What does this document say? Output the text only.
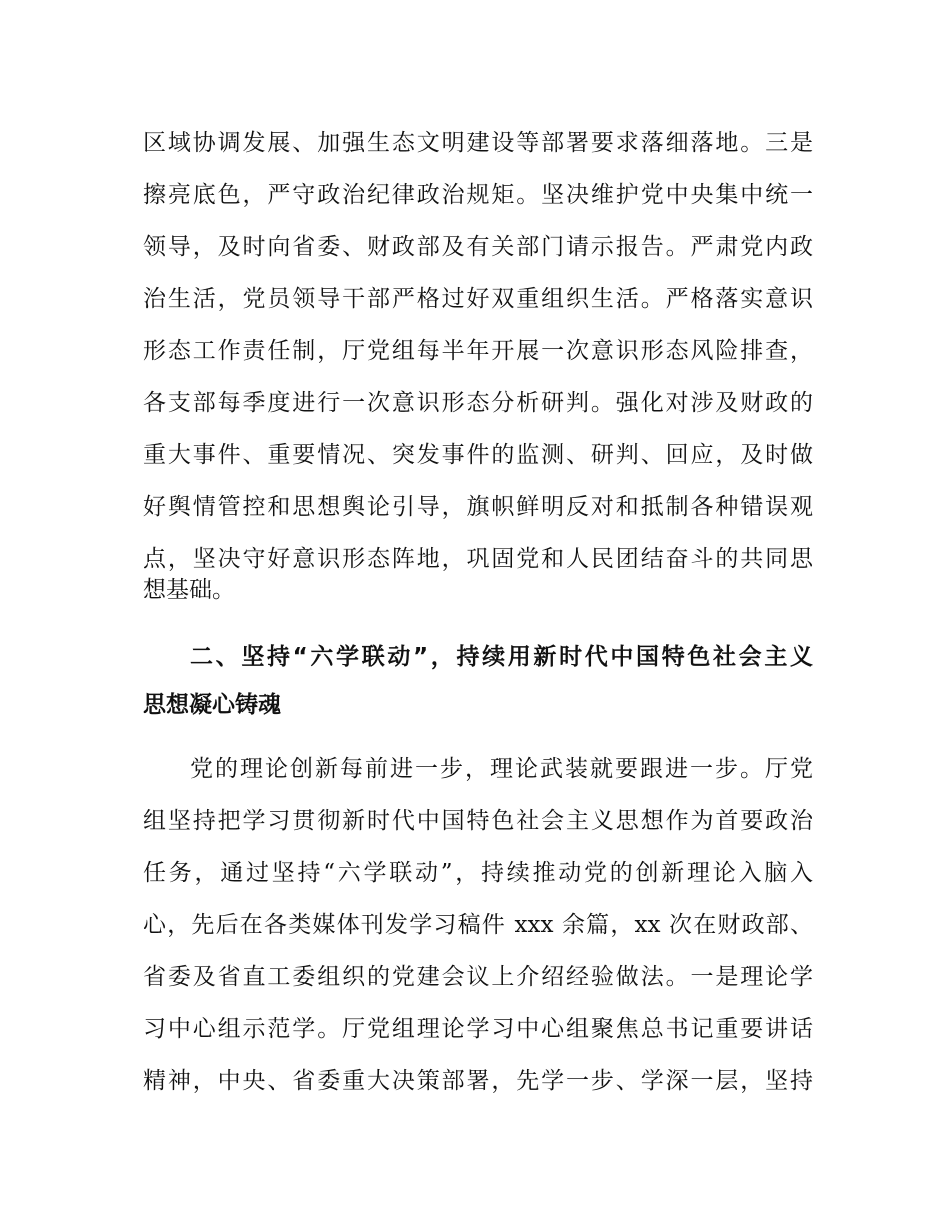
区域协调发展、加强生态文明建设等部署要求落细落地。三是
擦亮底色，严守政治纪律政治规矩。坚决维护党中央集中统一
领导，及时向省委、财政部及有关部门请示报告。严肃党内政
治生活，党员领导干部严格过好双重组织生活。严格落实意识
形态工作责任制，厅党组每半年开展一次意识形态风险排查，
各支部每季度进行一次意识形态分析研判。强化对涉及财政的
重大事件、重要情况、突发事件的监测、研判、回应，及时做
好舆情管控和思想舆论引导，旗帜鲜明反对和抵制各种错误观
点，坚决守好意识形态阵地，巩固党和人民团结奋斗的共同思
想基础。
二、坚持“六学联动”，持续用新时代中国特色社会主义
思想凝心铸魂
党的理论创新每前进一步，理论武装就要跟进一步。厅党
组坚持把学习贯彻新时代中国特色社会主义思想作为首要政治
任务，通过坚持“六学联动”，持续推动党的创新理论入脑入
心，先后在各类媒体刊发学习稿件 xxx 余篇，xx 次在财政部、
省委及省直工委组织的党建会议上介绍经验做法。一是理论学
习中心组示范学。厅党组理论学习中心组聚焦总书记重要讲话
精神，中央、省委重大决策部署，先学一步、学深一层，坚持
